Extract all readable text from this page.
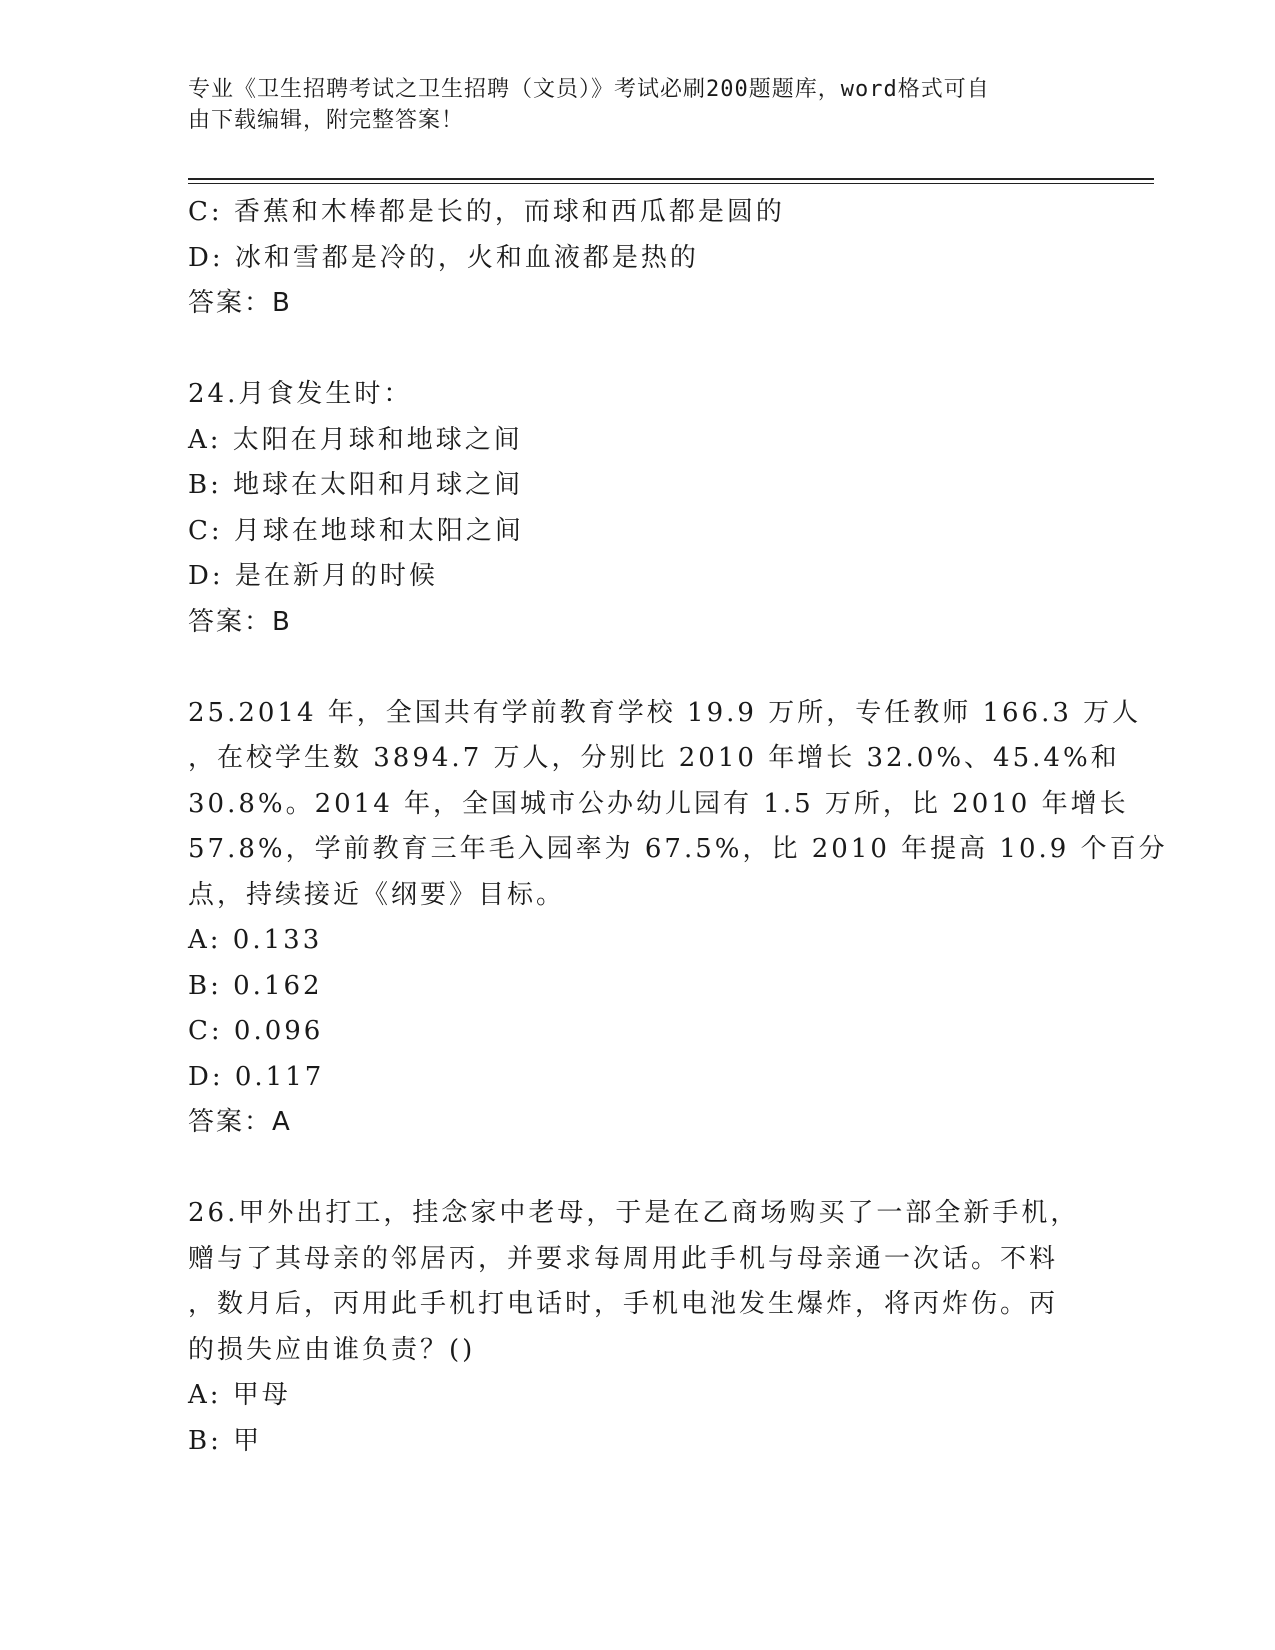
专业《卫生招聘考试之卫生招聘（文员）》考试必刷200题题库，word格式可自
由下载编辑，附完整答案！
C: 香蕉和木棒都是长的，而球和西瓜都是圆的
D: 冰和雪都是冷的，火和血液都是热的
答案：B
24.月食发生时：
A: 太阳在月球和地球之间
B: 地球在太阳和月球之间
C: 月球在地球和太阳之间
D: 是在新月的时候
答案：B
25.2014 年，全国共有学前教育学校 19.9 万所，专任教师 166.3 万人
，在校学生数 3894.7 万人，分别比 2010 年增长 32.0%、45.4%和
30.8%。2014 年，全国城市公办幼儿园有 1.5 万所，比 2010 年增长
57.8%，学前教育三年毛入园率为 67.5%，比 2010 年提高 10.9 个百分
点，持续接近《纲要》目标。
A: 0.133
B: 0.162
C: 0.096
D: 0.117
答案：A
26.甲外出打工，挂念家中老母，于是在乙商场购买了一部全新手机，
赠与了其母亲的邻居丙，并要求每周用此手机与母亲通一次话。不料
，数月后，丙用此手机打电话时，手机电池发生爆炸，将丙炸伤。丙
的损失应由谁负责？()
A: 甲母
B: 甲
